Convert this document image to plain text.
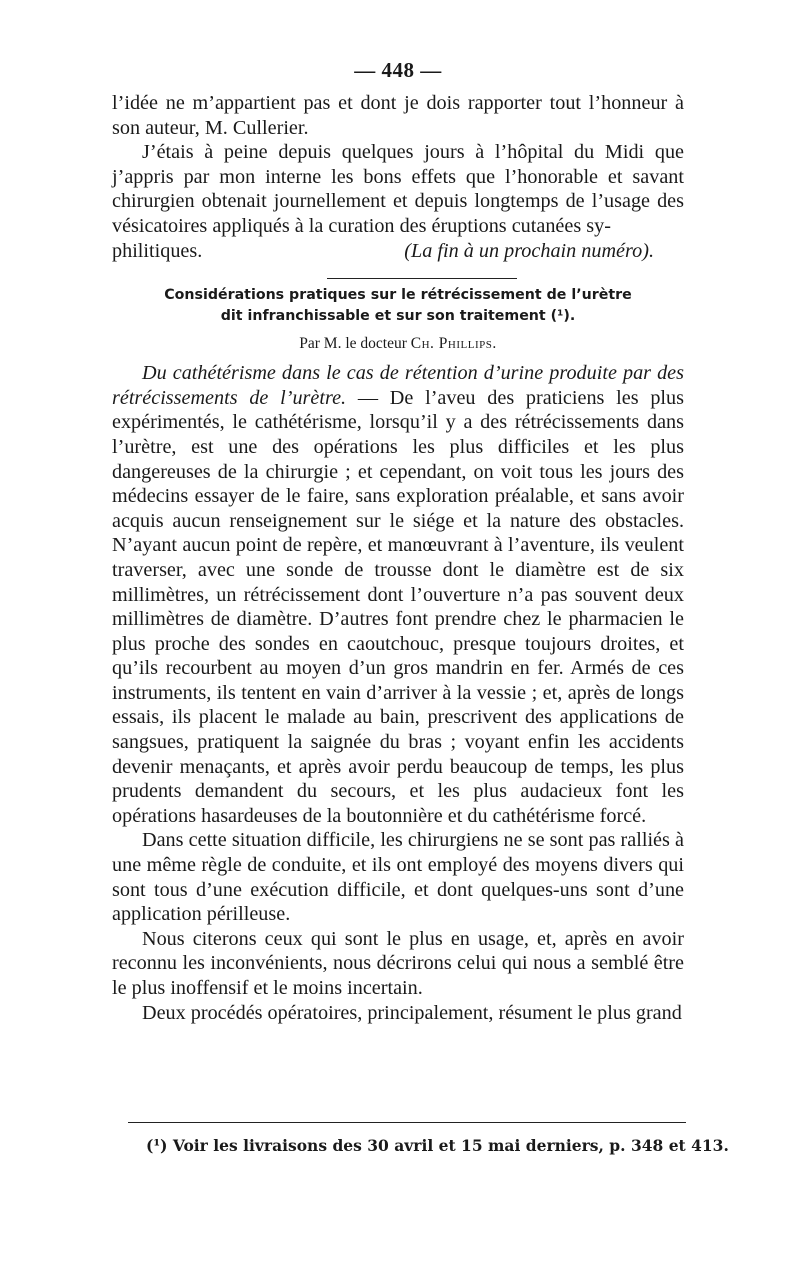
— 448 —

l’idée ne m’appartient pas et dont je dois rapporter tout l’honneur à son auteur, M. Cullerier.

J’étais à peine depuis quelques jours à l’hôpital du Midi que j’appris par mon interne les bons effets que l’honorable et savant chirurgien obtenait journellement et depuis longtemps de l’usage des vésicatoires appliqués à la curation des éruptions cutanées sy-

philitiques.	(La fin à un prochain numéro).
Considérations pratiques sur le rétrécissement de l’urètre
dit infranchissable et sur son traitement (¹).
Par M. le docteur Ch. Phillips.

Du cathétérisme dans le cas de rétention d’urine produite par des rétrécissements de l’urètre. — De l’aveu des praticiens les plus expérimentés, le cathétérisme, lorsqu’il y a des rétrécissements dans l’urètre, est une des opérations les plus difficiles et les plus dangereuses de la chirurgie ; et cependant, on voit tous les jours des médecins essayer de le faire, sans exploration préalable, et sans avoir acquis aucun renseignement sur le siége et la nature des obstacles. N’ayant aucun point de repère, et manœuvrant à l’aventure, ils veulent traverser, avec une sonde de trousse dont le diamètre est de six millimètres, un rétrécissement dont l’ouverture n’a pas souvent deux millimètres de diamètre. D’autres font prendre chez le pharmacien le plus proche des sondes en caoutchouc, presque toujours droites, et qu’ils recourbent au moyen d’un gros mandrin en fer. Armés de ces instruments, ils tentent en vain d’arriver à la vessie ; et, après de longs essais, ils placent le malade au bain, prescrivent des applications de sangsues, pratiquent la saignée du bras ; voyant enfin les accidents devenir menaçants, et après avoir perdu beaucoup de temps, les plus prudents demandent du secours, et les plus audacieux font les opérations hasardeuses de la boutonnière et du cathétérisme forcé.

Dans cette situation difficile, les chirurgiens ne se sont pas ralliés à une même règle de conduite, et ils ont employé des moyens divers qui sont tous d’une exécution difficile, et dont quelques-uns sont d’une application périlleuse.

Nous citerons ceux qui sont le plus en usage, et, après en avoir reconnu les inconvénients, nous décrirons celui qui nous a semblé être le plus inoffensif et le moins incertain.

Deux procédés opératoires, principalement, résument le plus grand

(¹) Voir les livraisons des 30 avril et 15 mai derniers, p. 348 et 413.
